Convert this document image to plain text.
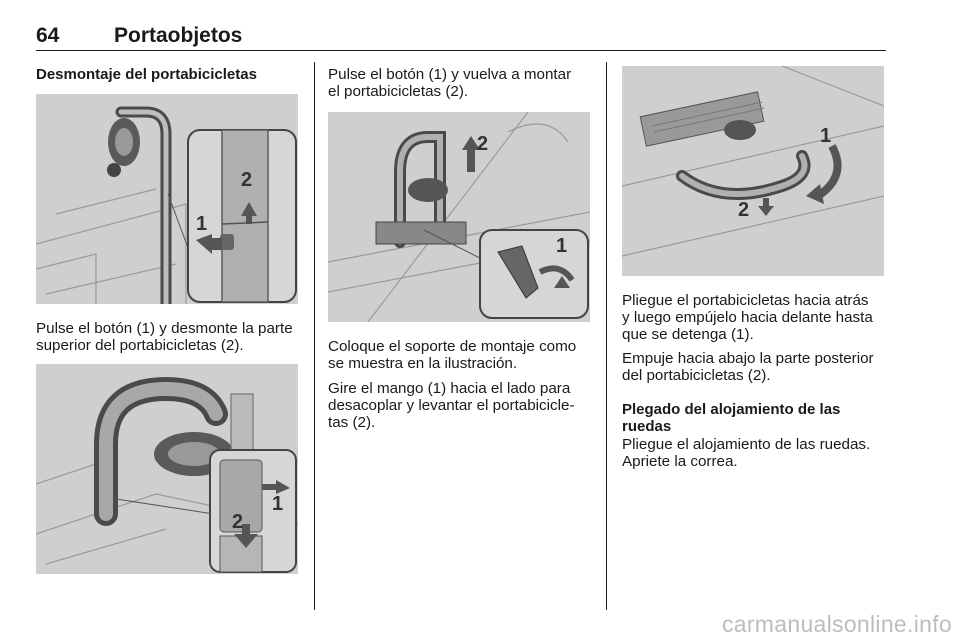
64	Portaobjetos
Desmontaje del portabicicletas
1
2
Pulse el botón (1) y desmonte la parte
superior del portabicicletas (2).
1
2
Pulse el botón (1) y vuelva a montar
el portabicicletas (2).
2
1
Coloque el soporte de montaje como
se muestra en la ilustración.
Gire el mango (1) hacia el lado para
desacoplar y levantar el portabicicle-
tas (2).
1
2
Pliegue el portabicicletas hacia atrás
y luego empújelo hacia delante hasta
que se detenga (1).
Empuje hacia abajo la parte posterior
del portabicicletas (2).
Plegado del alojamiento de las
ruedas
Pliegue el alojamiento de las ruedas.
Apriete la correa.
carmanualsonline.info
